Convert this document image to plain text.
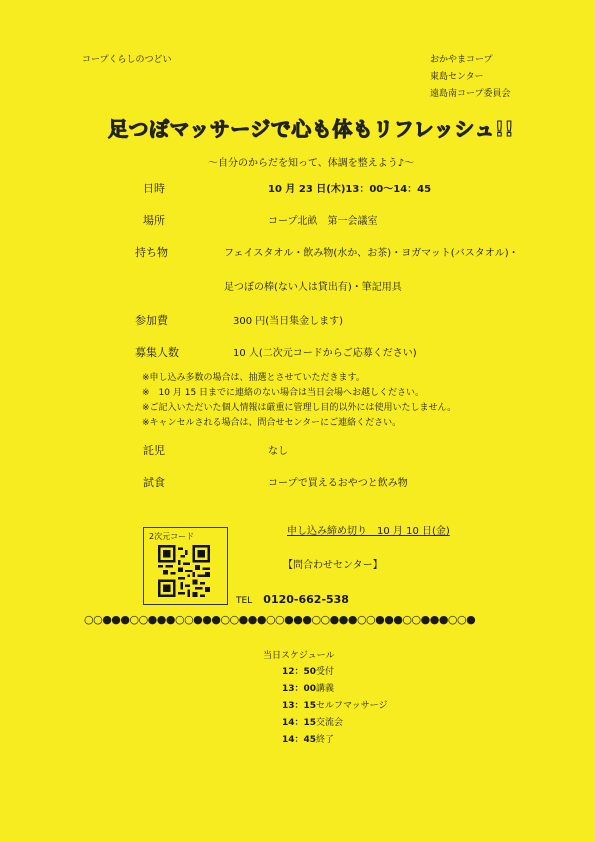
コープくらしのつどい	おかやまコープ
東島センター
遠島南コープ委員会
足つぼマッサージで心も体もリフレッシュ!!
～自分のからだを知って、体調を整えよう♪～
日時	10 月 23 日(木)13：00～14：45
場所	コープ北畝　第一会議室
持ち物	フェイスタオル・飲み物(水か、お茶)・ヨガマット(バスタオル)・
足つぼの棒(ない人は貸出有)・筆記用具
参加費	300 円(当日集金します)
募集人数	10 人(二次元コードからご応募ください)
※申し込み多数の場合は、抽選とさせていただきます。
※　10 月 15 日までに連絡のない場合は当日会場へお越しください。
※ご記入いただいた個人情報は厳重に管理し目的以外には使用いたしません。
※キャンセルされる場合は、問合せセンターにご連絡ください。
託児	なし
試食	コープで買えるおやつと飲み物
2次元コード	申し込み締め切り　10 月 10 日(金)
【問合わせセンター】
TEL 0120-662-538
○○●●●○○●●●○○●●●○○●●●○○●●●○○●●●○○●●●○○●●●○○●
当日スケジュール
12：50 受付
13：00 講義
13：15 セルフマッサージ
14：15 交流会
14：45 終了
